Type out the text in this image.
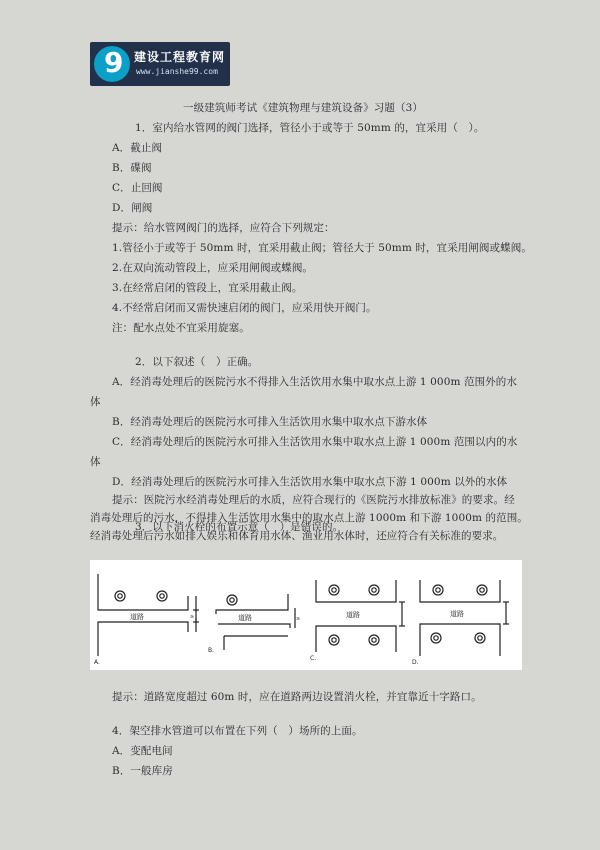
9 建设工程教育网
www.jianshe99.com
一级建筑师考试《建筑物理与建筑设备》习题（3）
1．室内给水管网的阀门选择，管径小于或等于 50mm 的，宜采用（　）。
A．截止阀
B．碟阀
C．止回阀
D．闸阀
提示：给水管网阀门的选择，应符合下列规定：
1.管径小于或等于 50mm 时，宜采用截止阀；管径大于 50mm 时，宜采用闸阀或蝶阀。
2.在双向流动管段上，应采用闸阀或蝶阀。
3.在经常启闭的管段上，宜采用截止阀。
4.不经常启闭而又需快速启闭的阀门，应采用快开阀门。
注：配水点处不宜采用旋塞。
2．以下叙述（　）正确。
A．经消毒处理后的医院污水不得排入生活饮用水集中取水点上游 1 000m 范围外的水
体
B．经消毒处理后的医院污水可排入生活饮用水集中取水点下游水体
C．经消毒处理后的医院污水可排入生活饮用水集中取水点上游 1 000m 范围以内的水
体
D．经消毒处理后的医院污水可排入生活饮用水集中取水点下游 1 000m 以外的水体
提示：医院污水经消毒处理后的水质，应符合现行的《医院污水排放标准》的要求。经
消毒处理后的污水，不得排入生活饮用水集中的取水点上游 1000m 和下游 1000m 的范围。
经消毒处理后污水如排入娱乐和体育用水体、渔业用水体时，还应符合有关标准的要求。
3．以下消火栓的布置示意（　）是错误的。
≥
A.
道路	≥
B.
道路
C.
道路
D.
道路
提示：道路宽度超过 60m 时，应在道路两边设置消火栓，并宜靠近十字路口。
4．架空排水管道可以布置在下列（　）场所的上面。
A．变配电间
B．一般库房
